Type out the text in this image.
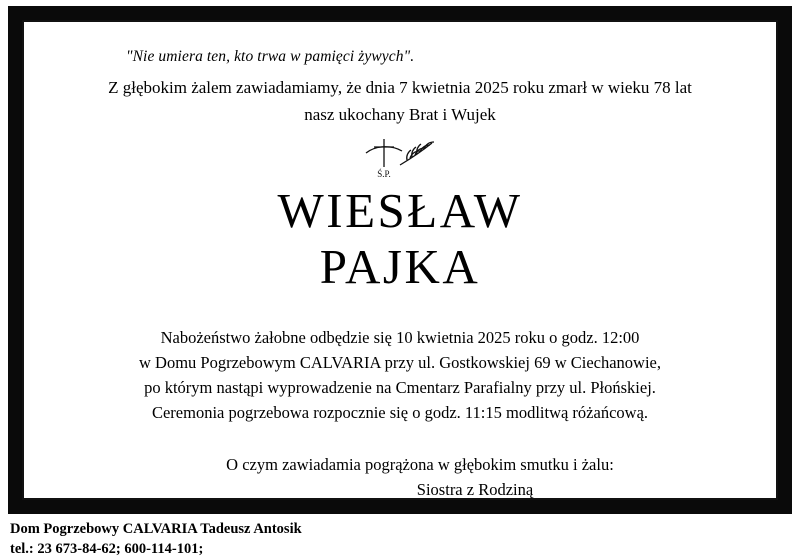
"Nie umiera ten, kto trwa w pamięci żywych".

Z głębokim żalem zawiadamiamy, że dnia 7 kwietnia 2025 roku zmarł w wieku 78 lat

nasz ukochany Brat i Wujek

Ś.P.
WIESŁAW
PAJKA
Nabożeństwo żałobne odbędzie się 10 kwietnia 2025 roku o godz. 12:00
w Domu Pogrzebowym CALVARIA przy ul. Gostkowskiej 69 w Ciechanowie,
po którym nastąpi wyprowadzenie na Cmentarz Parafialny przy ul. Płońskiej.
Ceremonia pogrzebowa rozpocznie się o godz. 11:15 modlitwą różańcową.
O czym zawiadamia pogrążona w głębokim smutku i żalu:
Siostra z Rodziną
Dom Pogrzebowy CALVARIA Tadeusz Antosik
tel.: 23 673-84-62; 600-114-101;
